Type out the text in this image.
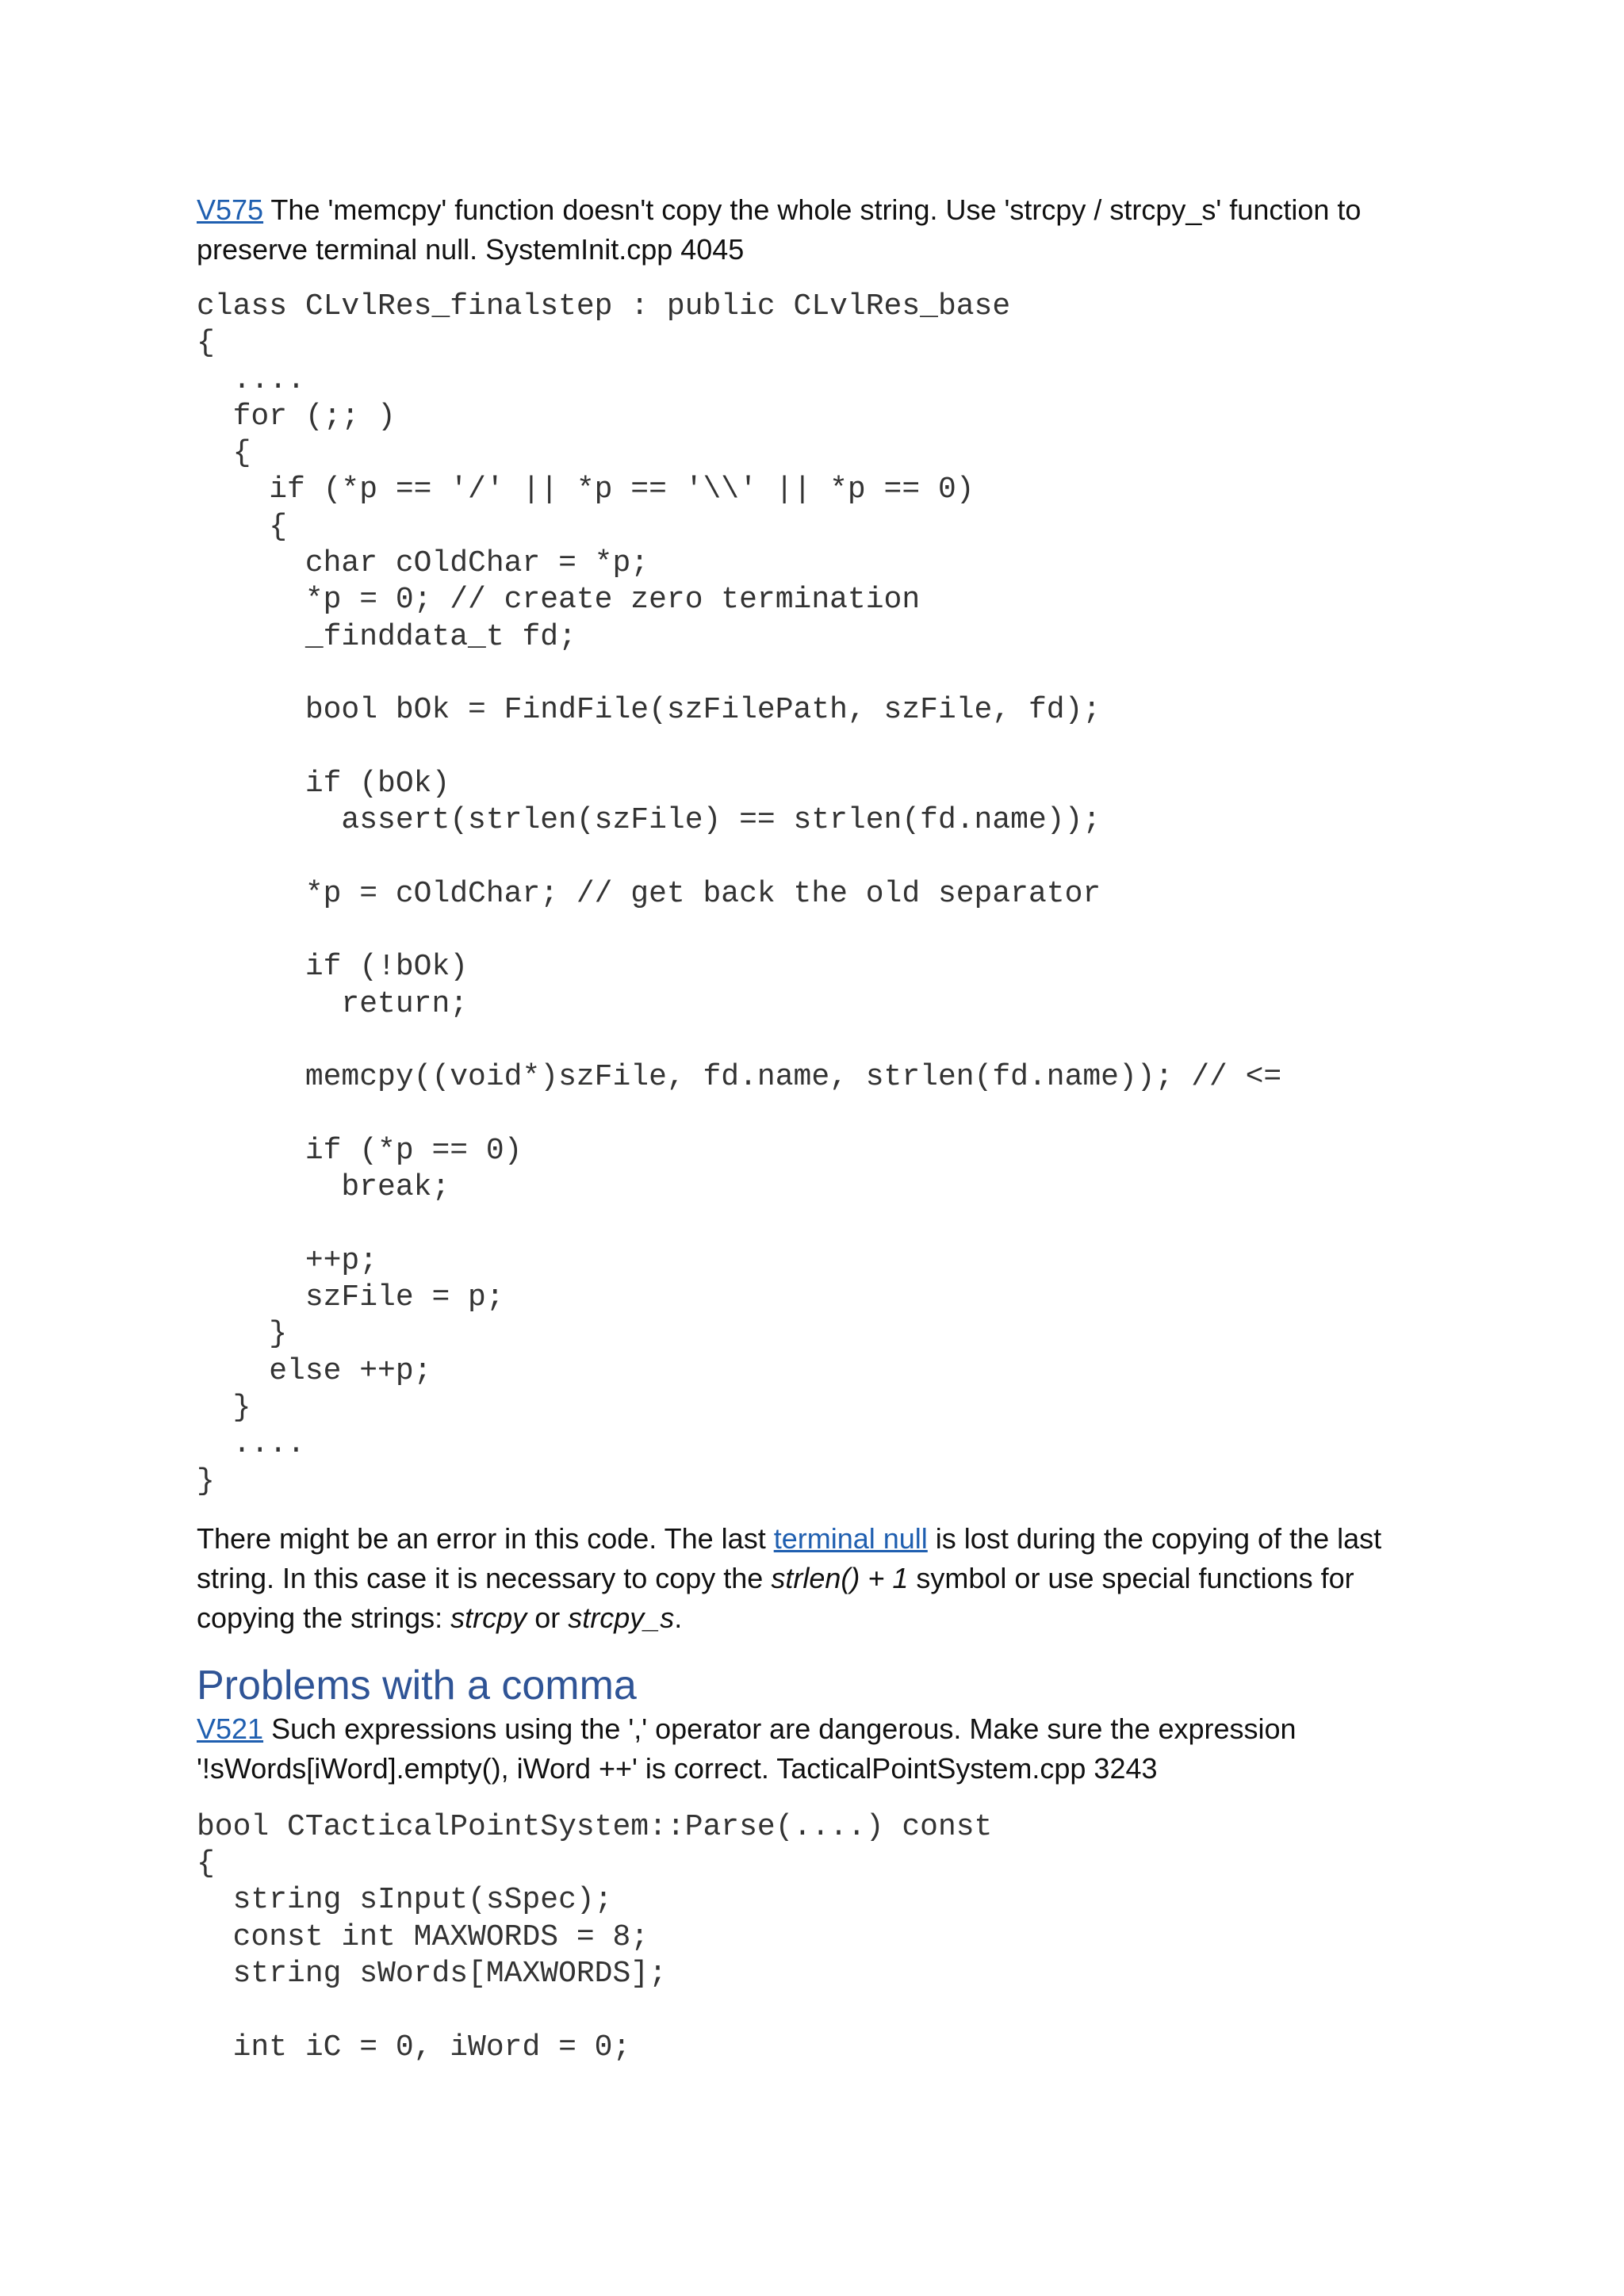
V575 The 'memcpy' function doesn't copy the whole string. Use 'strcpy / strcpy_s' function to preserve terminal null. SystemInit.cpp 4045

class CLvlRes_finalstep : public CLvlRes_base
{
....
for (;; )
{
if (*p == '/' || *p == '\\' || *p == 0)
{
char cOldChar = *p;
*p = 0; // create zero termination
_finddata_t fd;

bool bOk = FindFile(szFilePath, szFile, fd);

if (bOk)
assert(strlen(szFile) == strlen(fd.name));

*p = cOldChar; // get back the old separator

if (!bOk)
return;

memcpy((void*)szFile, fd.name, strlen(fd.name)); // <=

if (*p == 0)
break;

++p;
szFile = p;
}
else ++p;
}
....
}

There might be an error in this code. The last terminal null is lost during the copying of the last string. In this case it is necessary to copy the strlen() + 1 symbol or use special functions for copying the strings: strcpy or strcpy_s.

Problems with a comma

V521 Such expressions using the ',' operator are dangerous. Make sure the expression '!sWords[iWord].empty(), iWord ++' is correct. TacticalPointSystem.cpp 3243

bool CTacticalPointSystem::Parse(....) const
{
string sInput(sSpec);
const int MAXWORDS = 8;
string sWords[MAXWORDS];

int iC = 0, iWord = 0;
